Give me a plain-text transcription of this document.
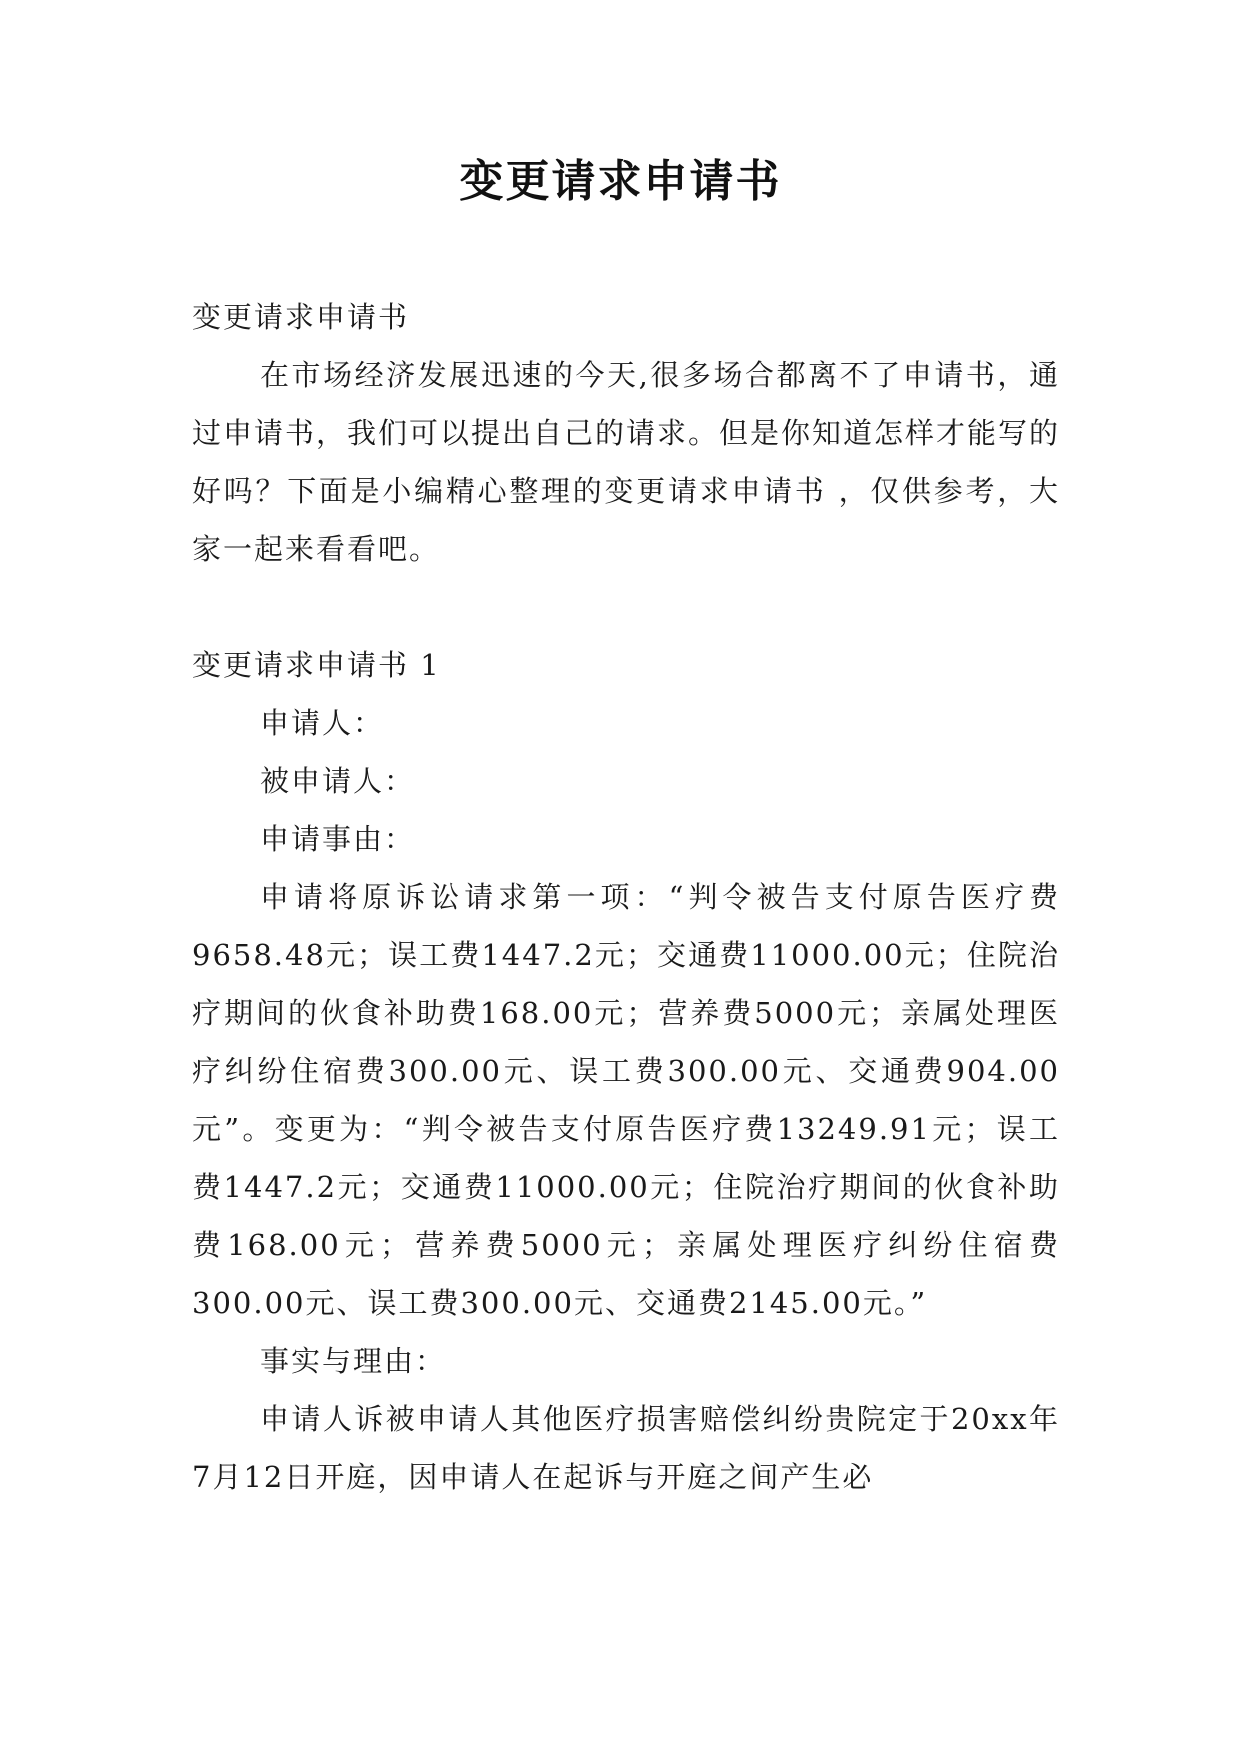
变更请求申请书

变更请求申请书

在市场经济发展迅速的今天,很多场合都离不了申请书，通过申请书，我们可以提出自己的请求。但是你知道怎样才能写的好吗？下面是小编精心整理的变更请求申请书 ，仅供参考，大家一起来看看吧。

变更请求申请书 1

申请人：

被申请人：

申请事由：

申请将原诉讼请求第一项：“判令被告支付原告医疗费9658.48元；误工费1447.2元；交通费11000.00元；住院治疗期间的伙食补助费168.00元；营养费5000元；亲属处理医疗纠纷住宿费300.00元、误工费300.00元、交通费904.00元”。变更为：“判令被告支付原告医疗费13249.91元；误工费1447.2元；交通费11000.00元；住院治疗期间的伙食补助费168.00元；营养费5000元；亲属处理医疗纠纷住宿费300.00元、误工费300.00元、交通费2145.00元。”

事实与理由：

申请人诉被申请人其他医疗损害赔偿纠纷贵院定于20xx年7月12日开庭，因申请人在起诉与开庭之间产生必
